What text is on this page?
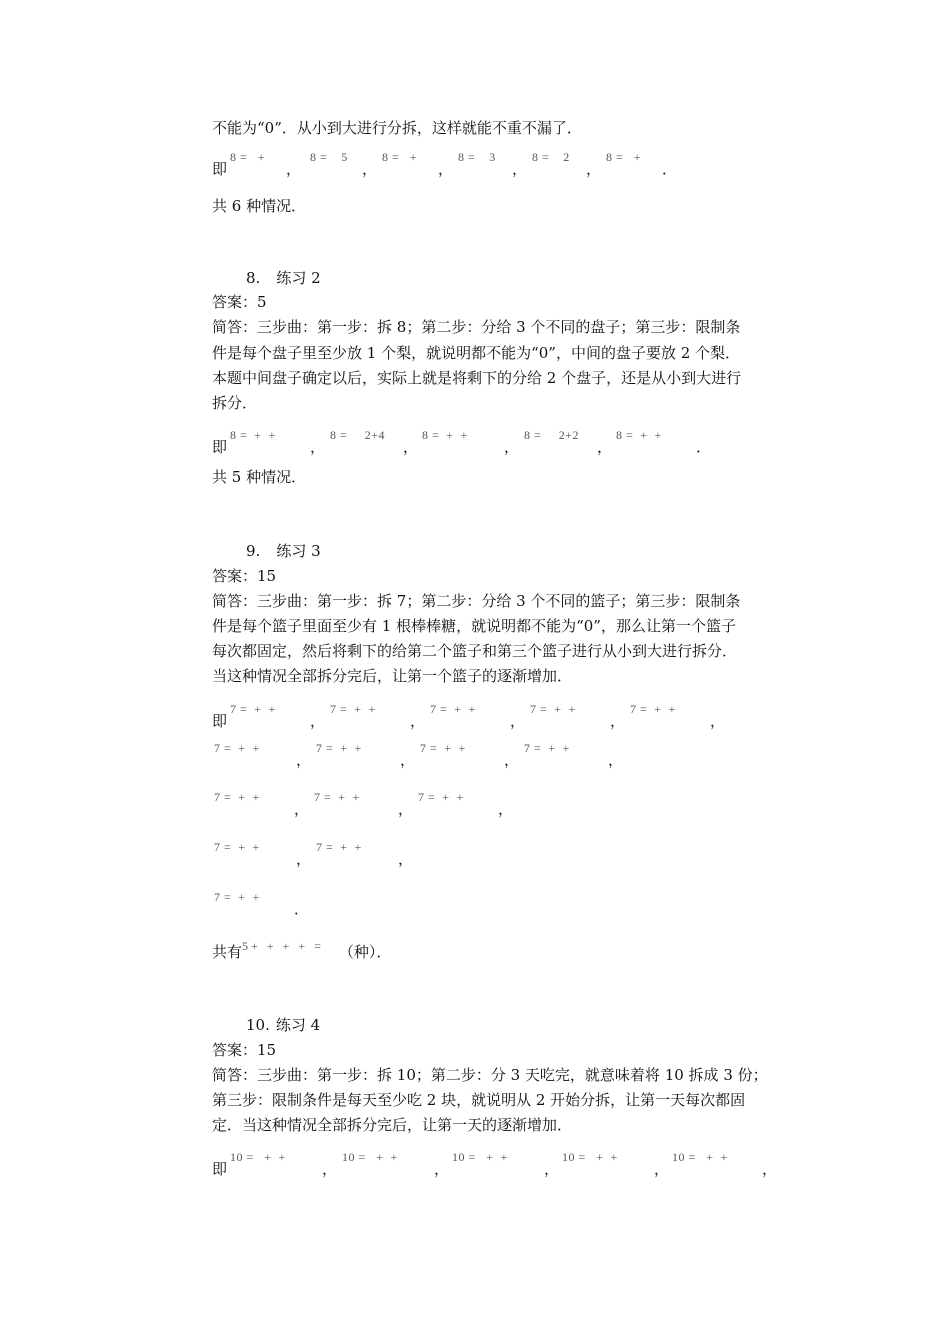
不能为“0”．从小到大进行分拆，这样就能不重不漏了．
即
8 =   +
，
8 =    5
，
8 =   +
，
8 =    3
，
8 =    2
，
8 =   +
．
共 6 种情况．
8. 练习 2
答案：5
简答：三步曲：第一步：拆 8；第二步：分给 3 个不同的盘子；第三步：限制条
件是每个盘子里至少放 1 个梨，就说明都不能为“0”，中间的盘子要放 2 个梨．
本题中间盘子确定以后，实际上就是将剩下的分给 2 个盘子，还是从小到大进行
拆分．
即
8 =  +  +
，
8 =     2+4
，
8 =  +  +
，
8 =     2+2
，
8 =  +  +
．
共 5 种情况．
9. 练习 3
答案：15
简答：三步曲：第一步：拆 7；第二步：分给 3 个不同的篮子；第三步：限制条
件是每个篮子里面至少有 1 根棒棒糖，就说明都不能为“0”，那么让第一个篮子
每次都固定，然后将剩下的给第二个篮子和第三个篮子进行从小到大进行拆分．
当这种情况全部拆分完后，让第一个篮子的逐渐增加．
即
7 =  +  +
，
7 =  +  +
，
7 =  +  +
，
7 =  +  +
，
7 =  +  +
，
7 =  +  +
，
7 =  +  +
，
7 =  +  +
，
7 =  +  +
，
7 =  +  +
，
7 =  +  +
，
7 =  +  +
，
7 =  +  +
，
7 =  +  +
，
7 =  +  +
．
共有$^{5 + + + + =}$  （种）．
10. 练习 4
答案：15
简答：三步曲：第一步：拆 10；第二步：分 3 天吃完，就意味着将 10 拆成 3 份；
第三步：限制条件是每天至少吃 2 块，就说明从 2 开始分拆，让第一天每次都固
定．当这种情况全部拆分完后，让第一天的逐渐增加．
即
10 =   +  +
，
10 =   +  +
，
10 =   +  +
，
10 =   +  +
，
10 =   +  +
，
